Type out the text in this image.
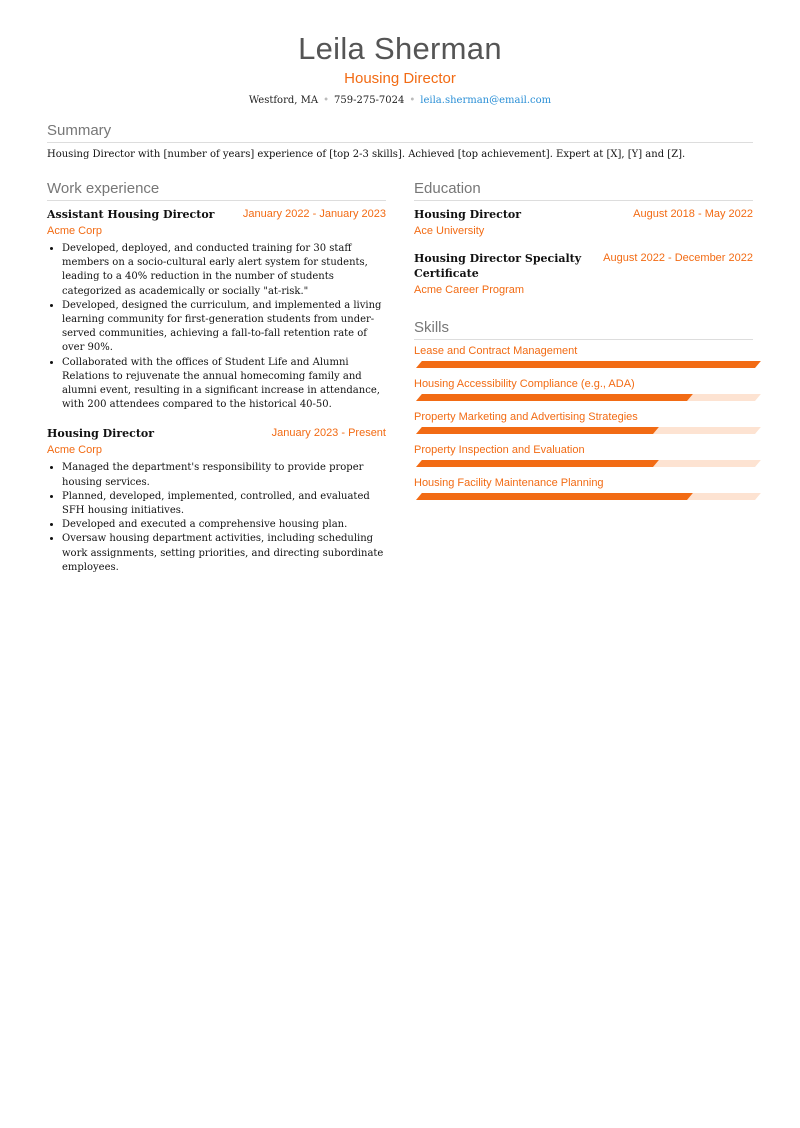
Leila Sherman
Housing Director
Westford, MA • 759-275-7024 • leila.sherman@email.com
Summary
Housing Director with [number of years] experience of [top 2-3 skills]. Achieved [top achievement]. Expert at [X], [Y] and [Z].
Work experience
Assistant Housing Director	January 2022 - January 2023
Acme Corp
• Developed, deployed, and conducted training for 30 staff members on a socio-cultural early alert system for students, leading to a 40% reduction in the number of students categorized as academically or socially "at-risk."
• Developed, designed the curriculum, and implemented a living learning community for first-generation students from under-served communities, achieving a fall-to-fall retention rate of over 90%.
• Collaborated with the offices of Student Life and Alumni Relations to rejuvenate the annual homecoming family and alumni event, resulting in a significant increase in attendance, with 200 attendees compared to the historical 40-50.
Housing Director	January 2023 - Present
Acme Corp
• Managed the department's responsibility to provide proper housing services.
• Planned, developed, implemented, controlled, and evaluated SFH housing initiatives.
• Developed and executed a comprehensive housing plan.
• Oversaw housing department activities, including scheduling work assignments, setting priorities, and directing subordinate employees.
Education
Housing Director	August 2018 - May 2022
Ace University
Housing Director Specialty Certificate
August 2022 - December 2022
Acme Career Program
Skills
Lease and Contract Management
Housing Accessibility Compliance (e.g., ADA)
Property Marketing and Advertising Strategies
Property Inspection and Evaluation
Housing Facility Maintenance Planning
